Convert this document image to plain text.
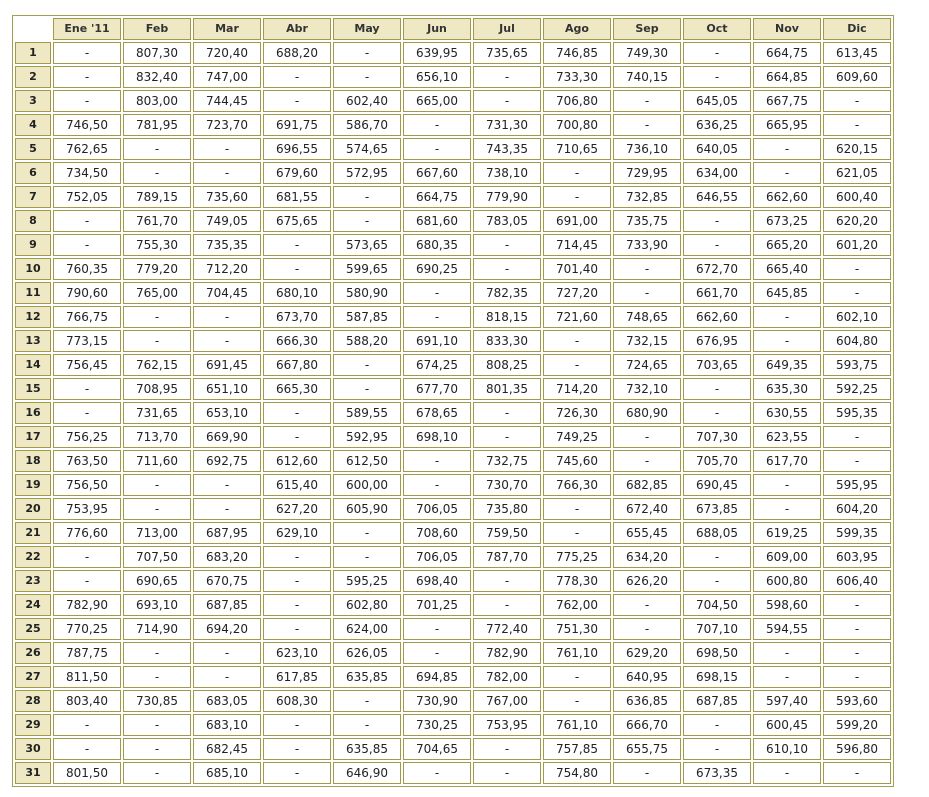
	Ene '11	Feb	Mar	Abr	May	Jun	Jul	Ago	Sep	Oct	Nov	Dic
1	-	807,30	720,40	688,20	-	639,95	735,65	746,85	749,30	-	664,75	613,45
2	-	832,40	747,00	-	-	656,10	-	733,30	740,15	-	664,85	609,60
3	-	803,00	744,45	-	602,40	665,00	-	706,80	-	645,05	667,75	-
4	746,50	781,95	723,70	691,75	586,70	-	731,30	700,80	-	636,25	665,95	-
5	762,65	-	-	696,55	574,65	-	743,35	710,65	736,10	640,05	-	620,15
6	734,50	-	-	679,60	572,95	667,60	738,10	-	729,95	634,00	-	621,05
7	752,05	789,15	735,60	681,55	-	664,75	779,90	-	732,85	646,55	662,60	600,40
8	-	761,70	749,05	675,65	-	681,60	783,05	691,00	735,75	-	673,25	620,20
9	-	755,30	735,35	-	573,65	680,35	-	714,45	733,90	-	665,20	601,20
10	760,35	779,20	712,20	-	599,65	690,25	-	701,40	-	672,70	665,40	-
11	790,60	765,00	704,45	680,10	580,90	-	782,35	727,20	-	661,70	645,85	-
12	766,75	-	-	673,70	587,85	-	818,15	721,60	748,65	662,60	-	602,10
13	773,15	-	-	666,30	588,20	691,10	833,30	-	732,15	676,95	-	604,80
14	756,45	762,15	691,45	667,80	-	674,25	808,25	-	724,65	703,65	649,35	593,75
15	-	708,95	651,10	665,30	-	677,70	801,35	714,20	732,10	-	635,30	592,25
16	-	731,65	653,10	-	589,55	678,65	-	726,30	680,90	-	630,55	595,35
17	756,25	713,70	669,90	-	592,95	698,10	-	749,25	-	707,30	623,55	-
18	763,50	711,60	692,75	612,60	612,50	-	732,75	745,60	-	705,70	617,70	-
19	756,50	-	-	615,40	600,00	-	730,70	766,30	682,85	690,45	-	595,95
20	753,95	-	-	627,20	605,90	706,05	735,80	-	672,40	673,85	-	604,20
21	776,60	713,00	687,95	629,10	-	708,60	759,50	-	655,45	688,05	619,25	599,35
22	-	707,50	683,20	-	-	706,05	787,70	775,25	634,20	-	609,00	603,95
23	-	690,65	670,75	-	595,25	698,40	-	778,30	626,20	-	600,80	606,40
24	782,90	693,10	687,85	-	602,80	701,25	-	762,00	-	704,50	598,60	-
25	770,25	714,90	694,20	-	624,00	-	772,40	751,30	-	707,10	594,55	-
26	787,75	-	-	623,10	626,05	-	782,90	761,10	629,20	698,50	-	-
27	811,50	-	-	617,85	635,85	694,85	782,00	-	640,95	698,15	-	-
28	803,40	730,85	683,05	608,30	-	730,90	767,00	-	636,85	687,85	597,40	593,60
29	-	-	683,10	-	-	730,25	753,95	761,10	666,70	-	600,45	599,20
30	-	-	682,45	-	635,85	704,65	-	757,85	655,75	-	610,10	596,80
31	801,50	-	685,10	-	646,90	-	-	754,80	-	673,35	-	-
